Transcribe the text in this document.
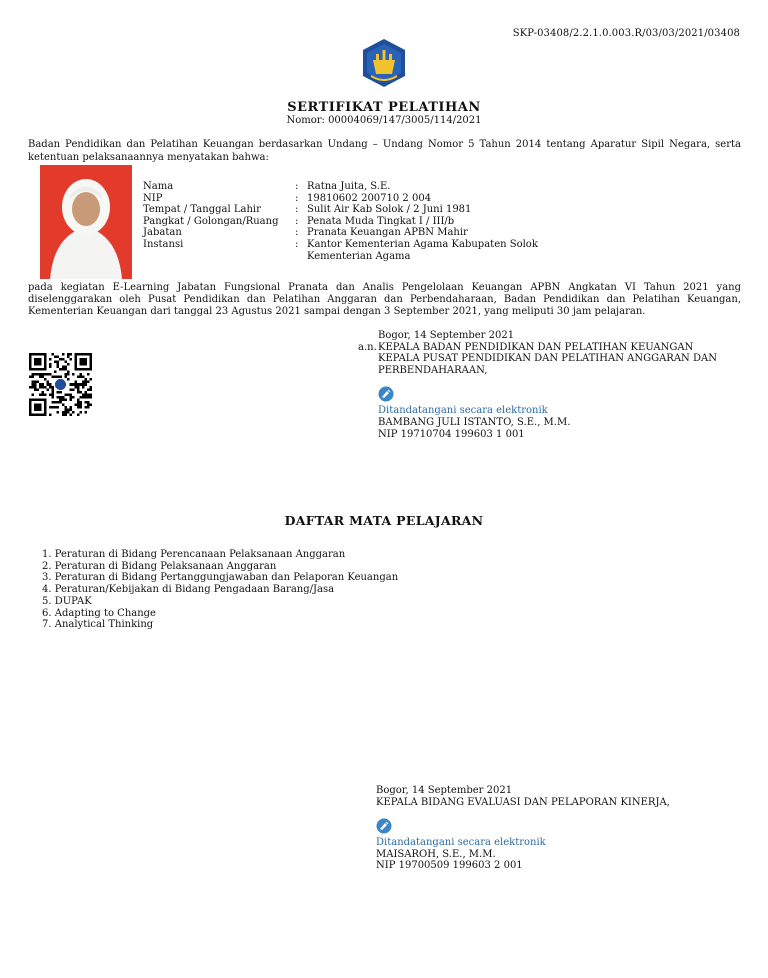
SKP-03408/2.2.1.0.003.R/03/03/2021/03408
SERTIFIKAT PELATIHAN
Nomor: 00004069/147/3005/114/2021
Badan Pendidikan dan Pelatihan Keuangan berdasarkan Undang – Undang Nomor 5 Tahun 2014 tentang Aparatur Sipil Negara, serta ketentuan pelaksanaannya menyatakan bahwa:
Nama	: Ratna Juita, S.E.
NIP	: 19810602 200710 2 004
Tempat / Tanggal Lahir	: Sulit Air Kab Solok / 2 Juni 1981
Pangkat / Golongan/Ruang	: Penata Muda Tingkat I / III/b
Jabatan	: Pranata Keuangan APBN Mahir
Instansi	: Kantor Kementerian Agama Kabupaten Solok
Kementerian Agama
pada kegiatan E-Learning Jabatan Fungsional Pranata dan Analis Pengelolaan Keuangan APBN Angkatan VI Tahun 2021 yang diselenggarakan oleh Pusat Pendidikan dan Pelatihan Anggaran dan Perbendaharaan, Badan Pendidikan dan Pelatihan Keuangan, Kementerian Keuangan dari tanggal 23 Agustus 2021 sampai dengan 3 September 2021, yang meliputi 30 jam pelajaran.
Bogor, 14 September 2021
a.n. KEPALA BADAN PENDIDIKAN DAN PELATIHAN KEUANGAN
KEPALA PUSAT PENDIDIKAN DAN PELATIHAN ANGGARAN DAN
PERBENDAHARAAN,
Ditandatangani secara elektronik
BAMBANG JULI ISTANTO, S.E., M.M.
NIP 19710704 199603 1 001
DAFTAR MATA PELAJARAN
1. Peraturan di Bidang Perencanaan Pelaksanaan Anggaran
2. Peraturan di Bidang Pelaksanaan Anggaran
3. Peraturan di Bidang Pertanggungjawaban dan Pelaporan Keuangan
4. Peraturan/Kebijakan di Bidang Pengadaan Barang/Jasa
5. DUPAK
6. Adapting to Change
7. Analytical Thinking
Bogor, 14 September 2021
KEPALA BIDANG EVALUASI DAN PELAPORAN KINERJA,
Ditandatangani secara elektronik
MAISAROH, S.E., M.M.
NIP 19700509 199603 2 001
